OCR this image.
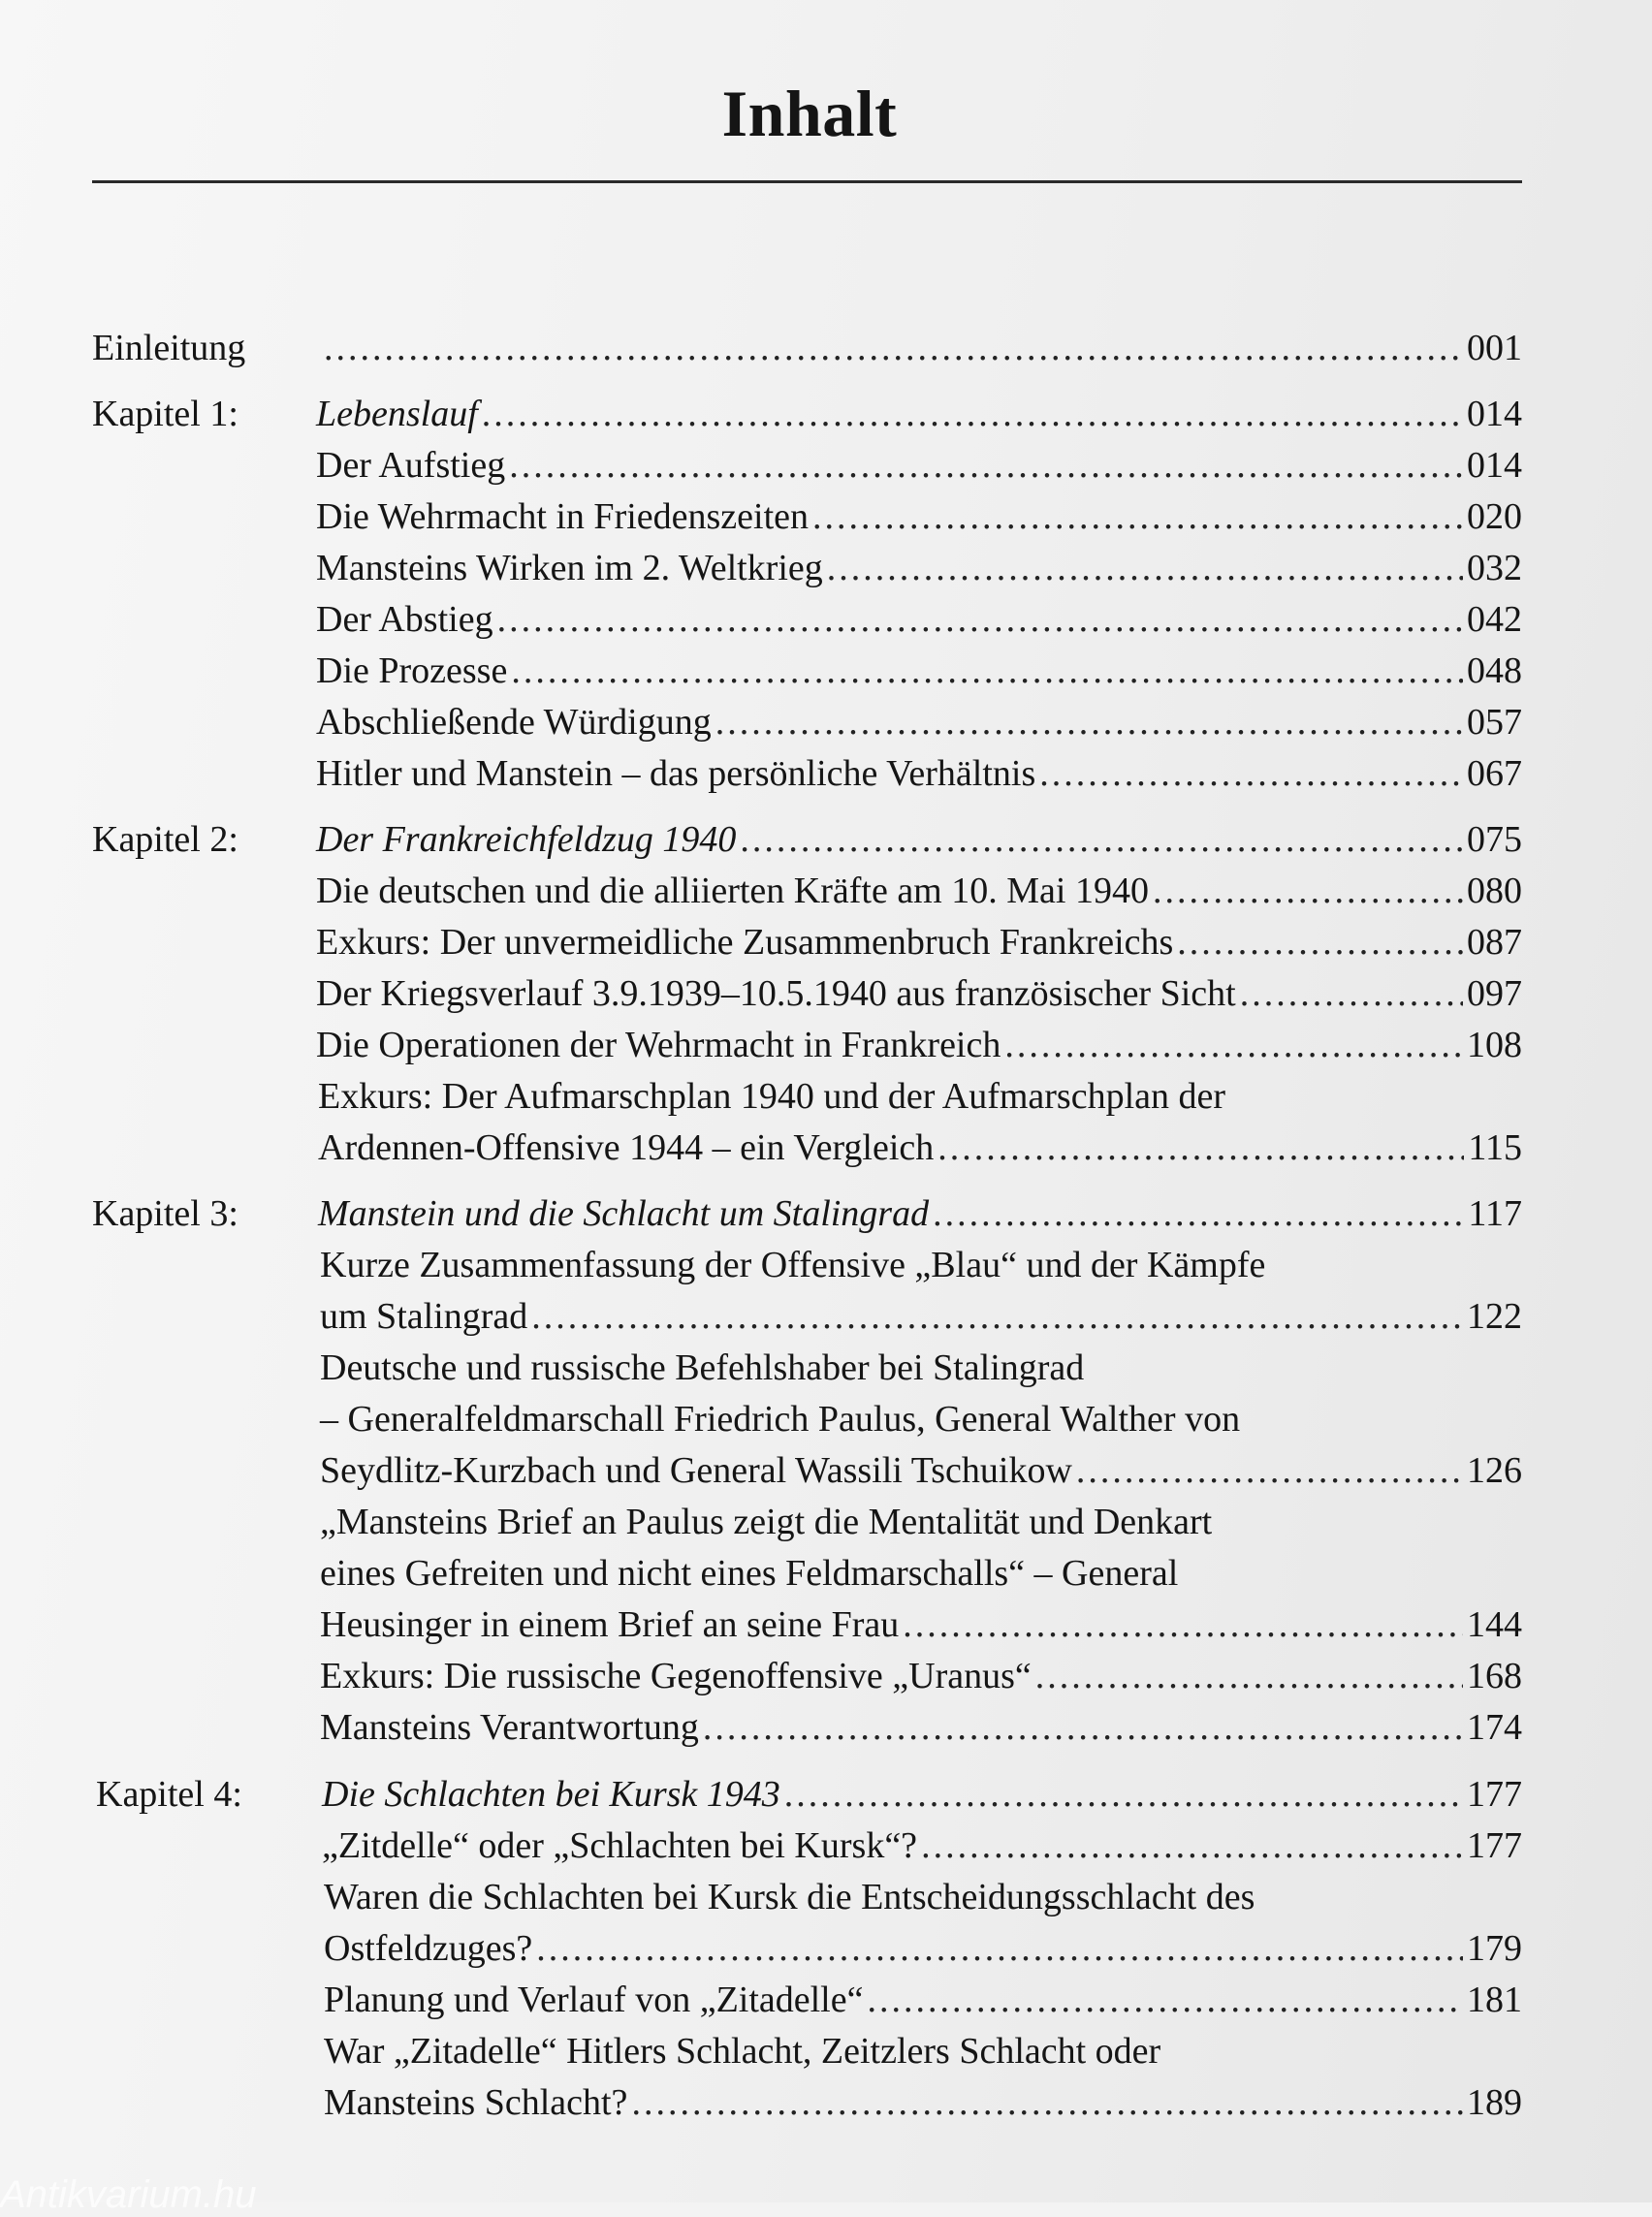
Inhalt
Einleitung .....	001
Kapitel 1: Lebenslauf .....	014
Der Aufstieg .....	014
Die Wehrmacht in Friedenszeiten .....	020
Mansteins Wirken im 2. Weltkrieg .....	032
Der Abstieg .....	042
Die Prozesse .....	048
Abschließende Würdigung .....	057
Hitler und Manstein – das persönliche Verhältnis .....	067
Kapitel 2: Der Frankreichfeldzug 1940 .....	075
Die deutschen und die alliierten Kräfte am 10. Mai 1940 .....	080
Exkurs: Der unvermeidliche Zusammenbruch Frankreichs .....	087
Der Kriegsverlauf 3.9.1939–10.5.1940 aus französischer Sicht .....	097
Die Operationen der Wehrmacht in Frankreich .....	108
Exkurs: Der Aufmarschplan 1940 und der Aufmarschplan der
Ardennen-Offensive 1944 – ein Vergleich .....	115
Kapitel 3: Manstein und die Schlacht um Stalingrad .....	117
Kurze Zusammenfassung der Offensive „Blau“ und der Kämpfe
um Stalingrad .....	122
Deutsche und russische Befehlshaber bei Stalingrad
– Generalfeldmarschall Friedrich Paulus, General Walther von
Seydlitz-Kurzbach und General Wassili Tschuikow .....	126
„Mansteins Brief an Paulus zeigt die Mentalität und Denkart
eines Gefreiten und nicht eines Feldmarschalls“ – General
Heusinger in einem Brief an seine Frau .....	144
Exkurs: Die russische Gegenoffensive „Uranus“ .....	168
Mansteins Verantwortung .....	174
Kapitel 4: Die Schlachten bei Kursk 1943 .....	177
„Zitdelle“ oder „Schlachten bei Kursk“? .....	177
Waren die Schlachten bei Kursk die Entscheidungsschlacht des
Ostfeldzuges? .....	179
Planung und Verlauf von „Zitadelle“ .....	181
War „Zitadelle“ Hitlers Schlacht, Zeitzlers Schlacht oder
Mansteins Schlacht? .....	189
Antikvarium.hu
